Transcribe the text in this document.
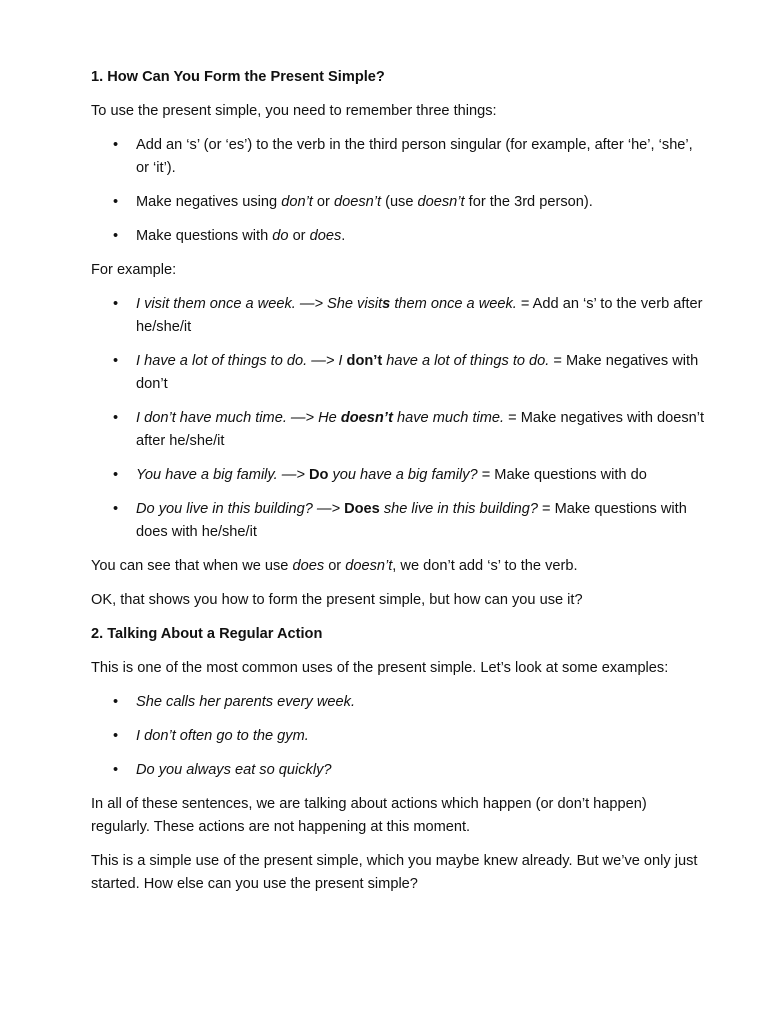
1. How Can You Form the Present Simple?

To use the present simple, you need to remember three things:

• Add an ‘s’ (or ‘es’) to the verb in the third person singular (for example, after ‘he’, ‘she’, or ‘it’).
• Make negatives using don’t or doesn’t (use doesn’t for the 3rd person).
• Make questions with do or does.

For example:

• I visit them once a week. —> She visits them once a week. = Add an ‘s’ to the verb after he/she/it
• I have a lot of things to do. —> I don’t have a lot of things to do. = Make negatives with don’t
• I don’t have much time. —> He doesn’t have much time. = Make negatives with doesn’t after he/she/it
• You have a big family. —> Do you have a big family? = Make questions with do
• Do you live in this building? —> Does she live in this building? = Make questions with does with he/she/it

You can see that when we use does or doesn’t, we don’t add ‘s’ to the verb.

OK, that shows you how to form the present simple, but how can you use it?

2. Talking About a Regular Action

This is one of the most common uses of the present simple. Let’s look at some examples:

• She calls her parents every week.
• I don’t often go to the gym.
• Do you always eat so quickly?

In all of these sentences, we are talking about actions which happen (or don’t happen) regularly. These actions are not happening at this moment.

This is a simple use of the present simple, which you maybe knew already. But we’ve only just started. How else can you use the present simple?
